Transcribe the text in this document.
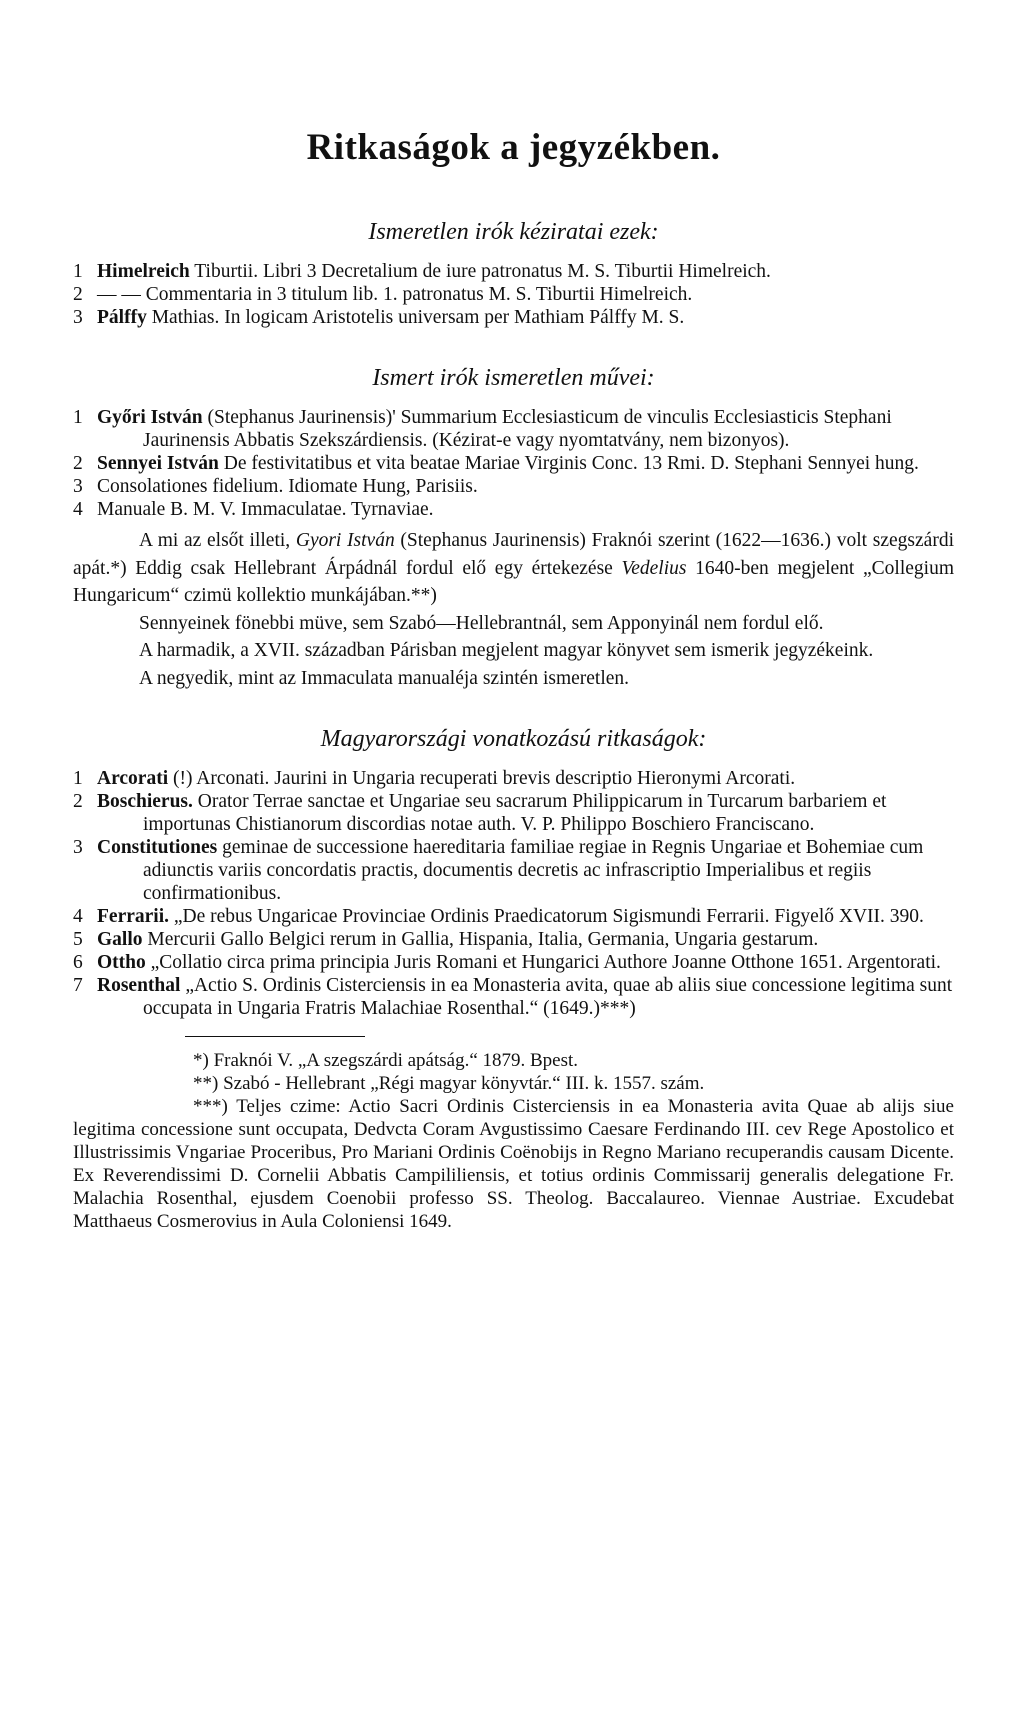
Ritkaságok a jegyzékben.
Ismeretlen irók kéziratai ezek:

1 Himelreich Tiburtii. Libri 3 Decretalium de iure patronatus M. S. Tiburtii Himelreich.

2 — — Commentaria in 3 titulum lib. 1. patronatus M. S. Tiburtii Himelreich.

3 Pálffy Mathias. In logicam Aristotelis universam per Mathiam Pálffy M. S.

Ismert irók ismeretlen művei:

1 Győri István (Stephanus Jaurinensis)' Summarium Ecclesiasticum de vinculis Ecclesiasticis Stephani Jaurinensis Abbatis Szekszárdiensis. (Kézirat-e vagy nyomtatvány, nem bizonyos).

2 Sennyei István De festivitatibus et vita beatae Mariae Virginis Conc. 13 Rmi. D. Stephani Sennyei hung.

3 Consolationes fidelium. Idiomate Hung, Parisiis.

4 Manuale B. M. V. Immaculatae. Tyrnaviae.

A mi az elsőt illeti, Gyori István (Stephanus Jaurinensis) Fraknói szerint (1622—1636.) volt szegszárdi apát.*) Eddig csak Hellebrant Árpádnál fordul elő egy értekezése Vedelius 1640-ben megjelent „Collegium Hungaricum“ czimü kollektio munkájában.**)

Sennyeinek fönebbi müve, sem Szabó—Hellebrantnál, sem Apponyinál nem fordul elő.

A harmadik, a XVII. században Párisban megjelent magyar könyvet sem ismerik jegyzékeink.

A negyedik, mint az Immaculata manualéja szintén ismeretlen.

Magyarországi vonatkozású ritkaságok:

1 Arcorati (!) Arconati. Jaurini in Ungaria recuperati brevis descriptio Hieronymi Arcorati.

2 Boschierus. Orator Terrae sanctae et Ungariae seu sacrarum Philippicarum in Turcarum barbariem et importunas Chistianorum discordias notae auth. V. P. Philippo Boschiero Franciscano.

3 Constitutiones geminae de successione haereditaria familiae regiae in Regnis Ungariae et Bohemiae cum adiunctis variis concordatis practis, documentis decretis ac infrascriptio Imperialibus et regiis confirmationibus.

4 Ferrarii. „De rebus Ungaricae Provinciae Ordinis Praedicatorum Sigismundi Ferrarii. Figyelő XVII. 390.

5 Gallo Mercurii Gallo Belgici rerum in Gallia, Hispania, Italia, Germania, Ungaria gestarum.

6 Ottho „Collatio circa prima principia Juris Romani et Hungarici Authore Joanne Otthone 1651. Argentorati.

7 Rosenthal „Actio S. Ordinis Cisterciensis in ea Monasteria avita, quae ab aliis siue concessione legitima sunt occupata in Ungaria Fratris Malachiae Rosenthal.“ (1649.)***)

*) Fraknói V. „A szegszárdi apátság.“ 1879. Bpest.

**) Szabó - Hellebrant „Régi magyar könyvtár.“ III. k. 1557. szám.

***) Teljes czime: Actio Sacri Ordinis Cisterciensis in ea Monasteria avita Quae ab alijs siue legitima concessione sunt occupata, Dedvcta Coram Avgustissimo Caesare Ferdinando III. cev Rege Apostolico et Illustrissimis Vngariae Proceribus, Pro Mariani Ordinis Coënobijs in Regno Mariano recuperandis causam Dicente. Ex Reverendissimi D. Cornelii Abbatis Campililiensis, et totius ordinis Commissarij generalis delegatione Fr. Malachia Rosenthal, ejusdem Coenobii professo SS. Theolog. Baccalaureo. Viennae Austriae. Excudebat Matthaeus Cosmerovius in Aula Coloniensi 1649.
